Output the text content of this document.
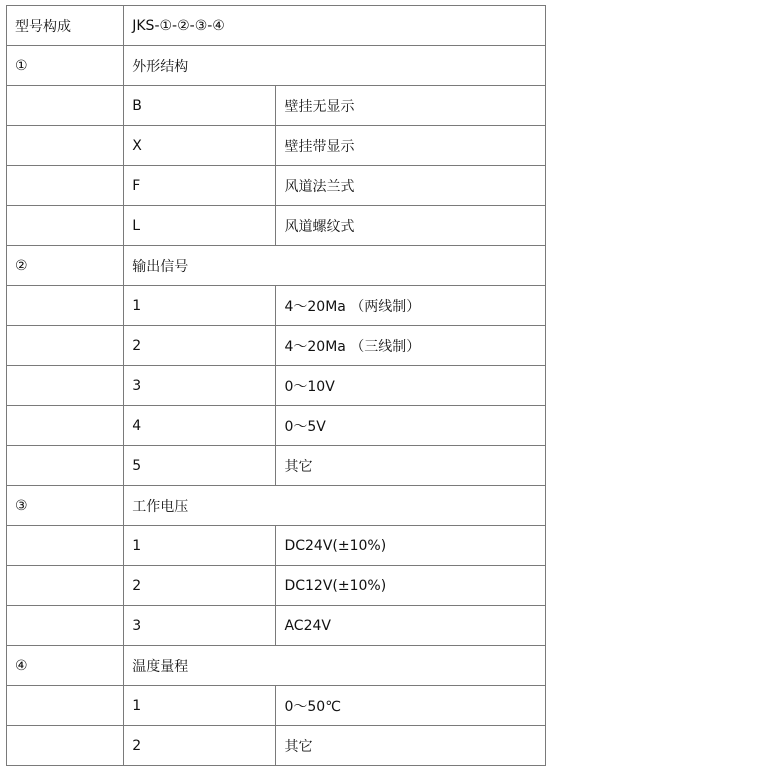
型号构成	JKS-①-②-③-④	
①	外形结构	
	B	壁挂无显示
	X	壁挂带显示
	F	风道法兰式
	L	风道螺纹式
②	输出信号	
	1	4～20Ma （两线制）
	2	4～20Ma （三线制）
	3	0～10V
	4	0～5V
	5	其它
③	工作电压	
	1	DC24V(±10%)
	2	DC12V(±10%)
	3	AC24V
④	温度量程	
	1	0～50℃
	2	其它
